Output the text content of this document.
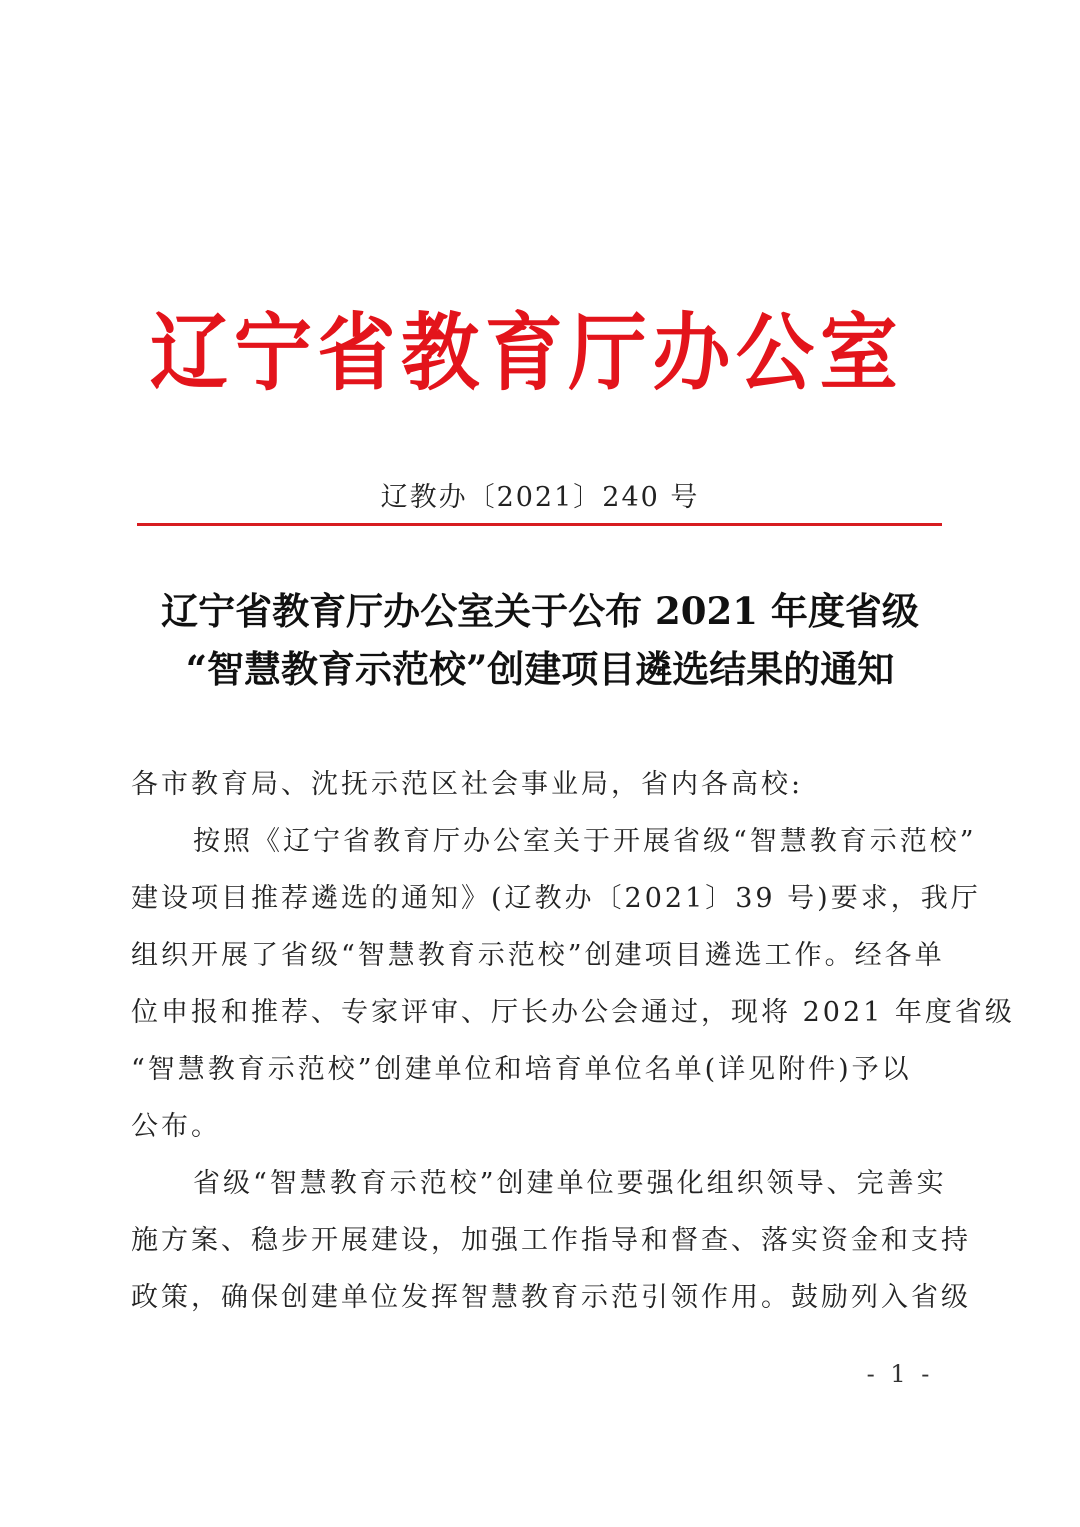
辽宁省教育厅办公室
辽教办〔2021〕240 号
辽宁省教育厅办公室关于公布 2021 年度省级
“智慧教育示范校”创建项目遴选结果的通知
各市教育局、沈抚示范区社会事业局，省内各高校:
按照《辽宁省教育厅办公室关于开展省级“智慧教育示范校”
建设项目推荐遴选的通知》(辽教办〔2021〕39 号)要求，我厅
组织开展了省级“智慧教育示范校”创建项目遴选工作。经各单
位申报和推荐、专家评审、厅长办公会通过，现将 2021 年度省级
“智慧教育示范校”创建单位和培育单位名单(详见附件)予以
公布。
省级“智慧教育示范校”创建单位要强化组织领导、完善实
施方案、稳步开展建设，加强工作指导和督查、落实资金和支持
政策，确保创建单位发挥智慧教育示范引领作用。鼓励列入省级
- 1 -
